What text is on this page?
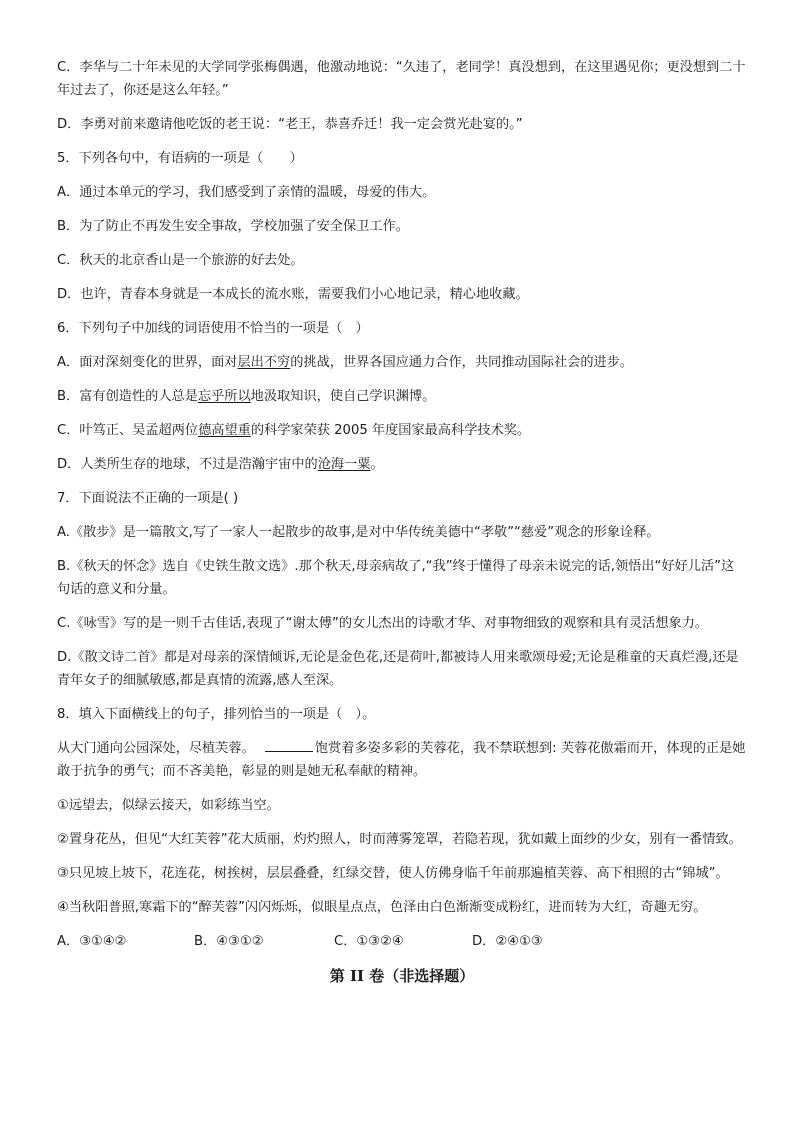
C．李华与二十年未见的大学同学张梅偶遇，他激动地说：“久违了，老同学！真没想到，在这里遇见你；更没想到二十年过去了，你还是这么年轻。”

D．李勇对前来邀请他吃饭的老王说：“老王，恭喜乔迁！我一定会赏光赴宴的。”

5．下列各句中，有语病的一项是（　　）

A．通过本单元的学习，我们感受到了亲情的温暖，母爱的伟大。

B．为了防止不再发生安全事故，学校加强了安全保卫工作。

C．秋天的北京香山是一个旅游的好去处。

D．也许，青春本身就是一本成长的流水账，需要我们小心地记录，精心地收藏。

6．下列句子中加线的词语使用不恰当的一项是（　）

A．面对深刻变化的世界，面对层出不穷的挑战，世界各国应通力合作，共同推动国际社会的进步。

B．富有创造性的人总是忘乎所以地汲取知识，使自己学识渊博。

C．叶笃正、吴孟超两位德高望重的科学家荣获 2005 年度国家最高科学技术奖。

D．人类所生存的地球，不过是浩瀚宇宙中的沧海一粟。

7．下面说法不正确的一项是( )

A.《散步》是一篇散文,写了一家人一起散步的故事,是对中华传统美德中“孝敬”“慈爱”观念的形象诠释。

B.《秋天的怀念》选自《史铁生散文选》.那个秋天,母亲病故了,“我”终于懂得了母亲未说完的话,领悟出“好好儿活”这句话的意义和分量。

C.《咏雪》写的是一则千古佳话,表现了“谢太傅”的女儿杰出的诗歌才华、对事物细致的观察和具有灵活想象力。

D.《散文诗二首》都是对母亲的深情倾诉,无论是金色花,还是荷叶,都被诗人用来歌颂母爱;无论是稚童的天真烂漫,还是青年女子的细腻敏感,都是真情的流露,感人至深。

8．填入下面横线上的句子，排列恰当的一项是（　）。

从大门通向公园深处，尽植芙蓉。	饱赏着多姿多彩的芙蓉花，我不禁联想到: 芙蓉花傲霜而开，体现的正是她敢于抗争的勇气；而不吝美艳，彰显的则是她无私奉献的精神。

①远望去，似绿云接天，如彩练当空。

②置身花丛，但见“大红芙蓉”花大质丽，灼灼照人，时而薄雾笼罩，若隐若现，犹如戴上面纱的少女，别有一番情致。

③只见坡上坡下，花连花，树挨树，层层叠叠，红绿交替，使人仿佛身临千年前那遍植芙蓉、高下相照的古“锦城”。

④当秋阳普照,寒霜下的“醉芙蓉”闪闪烁烁，似眼星点点，色泽由白色渐渐变成粉红，进而转为大红，奇趣无穷。

A．③①④②	B．④③①②	C．①③②④	D．②④①③
第 II 卷（非选择题）
